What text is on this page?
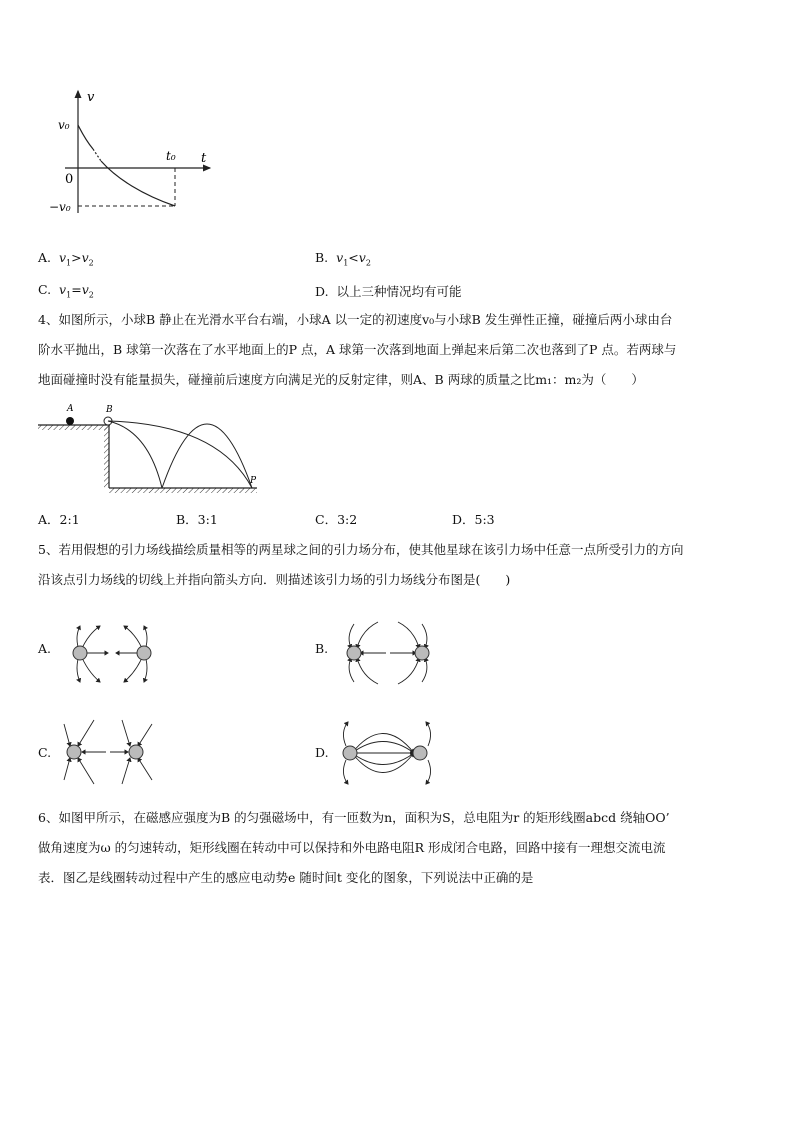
v
t
v₀
−v₀
t₀
0
A. $v_1>v_2$	B. $v_1<v_2$
C. $v_1=v_2$	D. 以上三种情况均有可能
4、如图所示，小球B 静止在光滑水平台右端，小球A 以一定的初速度v₀与小球B 发生弹性正撞，碰撞后两小球由台
阶水平抛出，B 球第一次落在了水平地面上的P 点，A 球第一次落到地面上弹起来后第二次也落到了P 点。若两球与
地面碰撞时没有能量损失，碰撞前后速度方向满足光的反射定律，则A、B 两球的质量之比m₁：m₂为（　　）
A	B
P
A．2:1	B．3:1	C．3:2	D．5:3
5、若用假想的引力场线描绘质量相等的两星球之间的引力场分布，使其他星球在该引力场中任意一点所受引力的方向
沿该点引力场线的切线上并指向箭头方向．则描述该引力场的引力场线分布图是(　　)
A.	B.
C.	D.
6、如图甲所示，在磁感应强度为B 的匀强磁场中，有一匝数为n，面积为S，总电阻为r 的矩形线圈abcd 绕轴OO’
做角速度为ω 的匀速转动，矩形线圈在转动中可以保持和外电路电阻R 形成闭合电路，回路中接有一理想交流电流
表．图乙是线圈转动过程中产生的感应电动势e 随时间t 变化的图象，下列说法中正确的是
